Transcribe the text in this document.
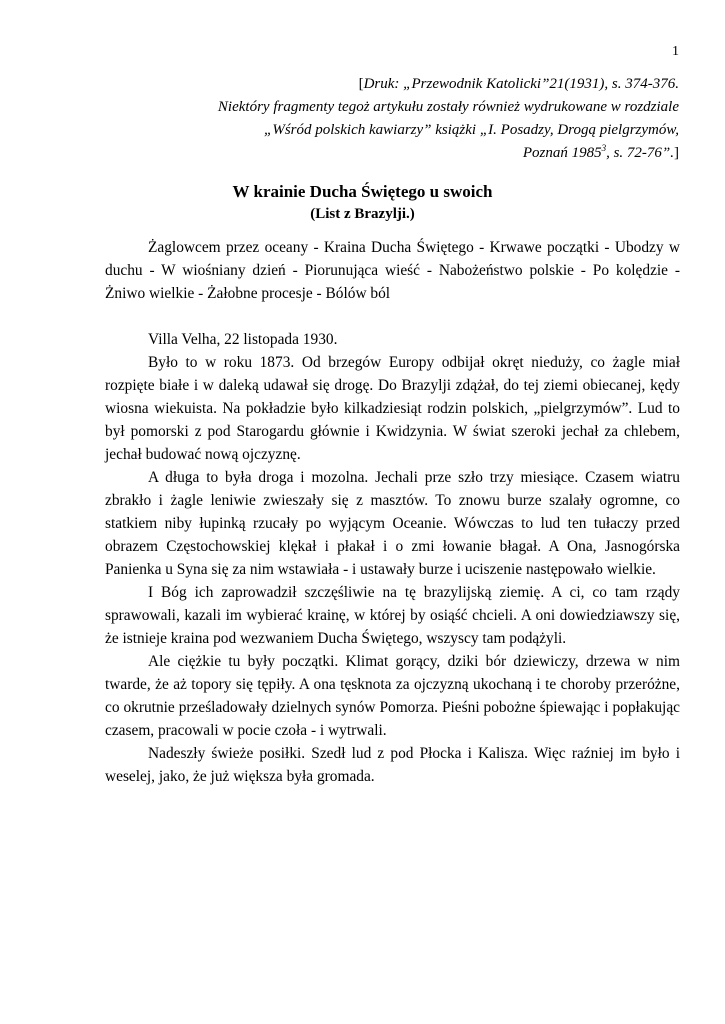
1
[Druk: „Przewodnik Katolicki”21(1931), s. 374-376.
Niektóry fragmenty tegoż artykułu zostały również wydrukowane w rozdziale
„Wśród polskich kawiarzy” książki „I. Posadzy, Drogą pielgrzymów,
Poznań 1985$^3$, s. 72-76”.]
W krainie Ducha Świętego u swoich
(List z Brazylji.)

Żaglowcem przez oceany - Kraina Ducha Świętego - Krwawe początki - Ubodzy w duchu - W wiośniany dzień - Piorunująca wieść - Nabożeństwo polskie - Po kolędzie - Żniwo wielkie - Żałobne procesje - Bólów ból

Villa Velha, 22 listopada 1930.

Było to w roku 1873. Od brzegów Europy odbijał okręt nieduży, co żagle miał rozpięte białe i w daleką udawał się drogę. Do Brazylji zdążał, do tej ziemi obiecanej, kędy wiosna wiekuista. Na pokładzie było kilkadziesiąt rodzin polskich, „pielgrzymów”. Lud to był pomorski z pod Starogardu głównie i Kwidzynia. W świat szeroki jechał za chlebem, jechał budować nową ojczyznę.

A długa to była droga i mozolna. Jechali prze szło trzy miesiące. Czasem wiatru zbrakło i żagle leniwie zwieszały się z masztów. To znowu burze szalały ogromne, co statkiem niby łupinką rzucały po wyjącym Oceanie. Wówczas to lud ten tułaczy przed obrazem Częstochowskiej klękał i płakał i o zmi łowanie błagał. A Ona, Jasnogórska Panienka u Syna się za nim wstawiała - i ustawały burze i uciszenie następowało wielkie.

I Bóg ich zaprowadził szczęśliwie na tę brazylijską ziemię. A ci, co tam rządy sprawowali, kazali im wybierać krainę, w której by osiąść chcieli. A oni dowiedziawszy się, że istnieje kraina pod wezwaniem Ducha Świętego, wszyscy tam podążyli.

Ale ciężkie tu były początki. Klimat gorący, dziki bór dziewiczy, drzewa w nim twarde, że aż topory się tępiły. A ona tęsknota za ojczyzną ukochaną i te choroby przeróżne, co okrutnie prześladowały dzielnych synów Pomorza. Pieśni pobożne śpiewając i popłakując czasem, pracowali w pocie czoła - i wytrwali.

Nadeszły świeże posiłki. Szedł lud z pod Płocka i Kalisza. Więc raźniej im było i weselej, jako, że już większa była gromada.
